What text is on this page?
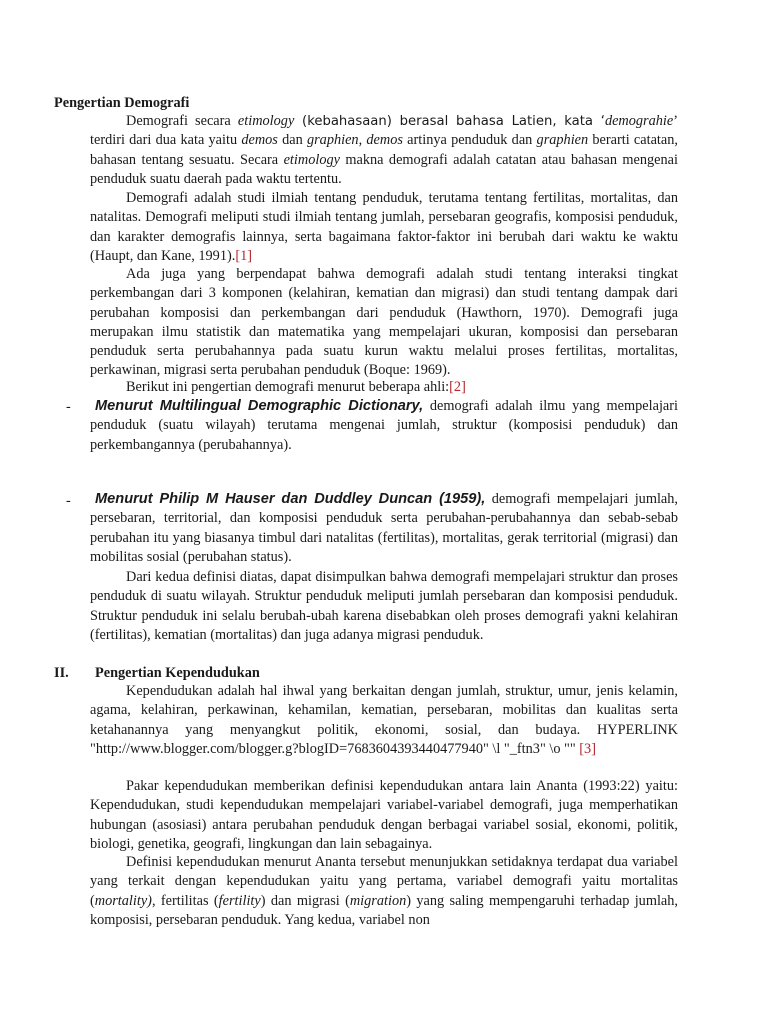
Pengertian Demografi

Demografi secara etimology (kebahasaan) berasal bahasa Latien, kata ‘demograhie’ terdiri dari dua kata yaitu demos dan graphien, demos artinya penduduk dan graphien berarti catatan, bahasan tentang sesuatu. Secara etimology makna demografi adalah catatan atau bahasan mengenai penduduk suatu daerah pada waktu tertentu.

Demografi adalah studi ilmiah tentang penduduk, terutama tentang fertilitas, mortalitas, dan natalitas. Demografi meliputi studi ilmiah tentang jumlah, persebaran geografis, komposisi penduduk, dan karakter demografis lainnya, serta bagaimana faktor-faktor ini berubah dari waktu ke waktu (Haupt, dan Kane, 1991).[1]

Ada juga yang berpendapat bahwa demografi adalah studi tentang interaksi tingkat perkembangan dari 3 komponen (kelahiran, kematian dan migrasi) dan studi tentang dampak dari perubahan komposisi dan perkembangan dari penduduk (Hawthorn, 1970). Demografi juga merupakan ilmu statistik dan matematika yang mempelajari ukuran, komposisi dan persebaran penduduk serta perubahannya pada suatu kurun waktu melalui proses fertilitas, mortalitas, perkawinan, migrasi serta perubahan penduduk (Boque: 1969).

Berikut ini pengertian demografi menurut beberapa ahli:[2]

-	Menurut Multilingual Demographic Dictionary, demografi adalah ilmu yang mempelajari penduduk (suatu wilayah) terutama mengenai jumlah, struktur (komposisi penduduk) dan perkembangannya (perubahannya).

-	Menurut Philip M Hauser dan Duddley Duncan (1959), demografi mempelajari jumlah, persebaran, territorial, dan komposisi penduduk serta perubahan-perubahannya dan sebab-sebab perubahan itu yang biasanya timbul dari natalitas (fertilitas), mortalitas, gerak territorial (migrasi) dan mobilitas sosial (perubahan status).

Dari kedua definisi diatas, dapat disimpulkan bahwa demografi mempelajari struktur dan proses penduduk di suatu wilayah. Struktur penduduk meliputi jumlah persebaran dan komposisi penduduk. Struktur penduduk ini selalu berubah-ubah karena disebabkan oleh proses demografi yakni kelahiran (fertilitas), kematian (mortalitas) dan juga adanya migrasi penduduk.

II. Pengertian Kependudukan

Kependudukan adalah hal ihwal yang berkaitan dengan jumlah, struktur, umur, jenis kelamin, agama, kelahiran, perkawinan, kehamilan, kematian, persebaran, mobilitas dan kualitas serta ketahanannya yang menyangkut politik, ekonomi, sosial, dan budaya. HYPERLINK "http://www.blogger.com/blogger.g?blogID=7683604393440477940" \l "_ftn3" \o "" [3]

Pakar kependudukan memberikan definisi kependudukan antara lain Ananta (1993:22) yaitu: Kependudukan, studi kependudukan mempelajari variabel-variabel demografi, juga memperhatikan hubungan (asosiasi) antara perubahan penduduk dengan berbagai variabel sosial, ekonomi, politik, biologi, genetika, geografi, lingkungan dan lain sebagainya.

Definisi kependudukan menurut Ananta tersebut menunjukkan setidaknya terdapat dua variabel yang terkait dengan kependudukan yaitu yang pertama, variabel demografi yaitu mortalitas (mortality), fertilitas (fertility) dan migrasi (migration) yang saling mempengaruhi terhadap jumlah, komposisi, persebaran penduduk. Yang kedua, variabel non
